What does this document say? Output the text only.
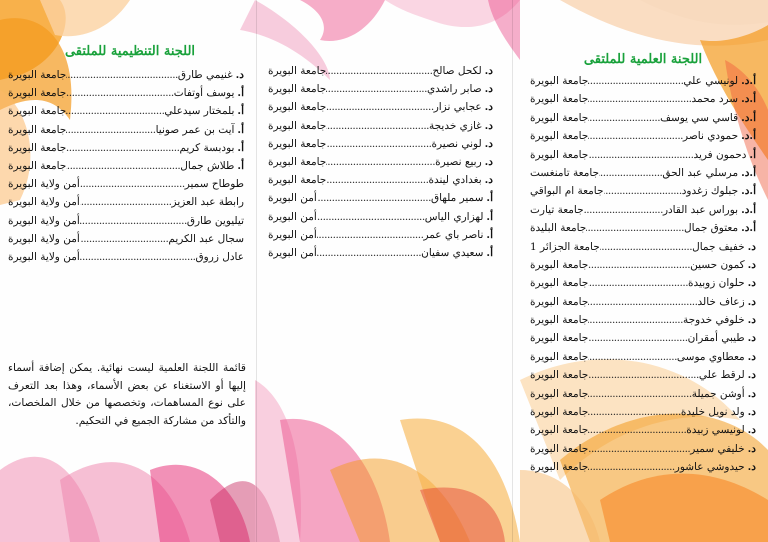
اللجنة التنظيمية للملتقى
د.
غنيمي طارق
.....
جامعة البويرة
أ.
يوسف أوتفات
.....
جامعة البويرة
أ.
بلمختار سيدعلي
.....
جامعة البويرة
أ.
آيت بن عمر صونيا
.....
جامعة البويرة
أ.
بودبسة كريم
.....
جامعة البويرة
أ.
طلاش جمال
.....
جامعة البويرة
طوطاح سمير
.....
أمن ولاية البويرة
رابطة عبد العزيز
.....
أمن ولاية البويرة
تيليوين طارق
.....
أمن ولاية البويرة
سجال عبد الكريم
.....
أمن ولاية البويرة
عادل زروق
.....
أمن ولاية البويرة
قائمة اللجنة العلمية ليست نهائية. يمكن إضافة أسماء إليها أو الاستغناء عن بعض الأسماء، وهذا بعد التعرف على نوع المساهمات، وتخصصها من خلال الملخصات، والتأكد من مشاركة الجميع في التحكيم.
د.
لكحل صالح
.....
جامعة البويرة
د.
صابر راشدي
.....
جامعة البويرة
د.
عجابي نزار
.....
جامعة البويرة
د.
غازي خديجة
.....
جامعة البويرة
د.
لوني نصيرة
.....
جامعة البويرة
د.
ربيع نصيرة
.....
جامعة البويرة
د.
بغدادي ليندة
.....
جامعة البويرة
أ.
سمير ملهاق
.....
أمن البويرة
أ.
لهزاري الياس
.....
أمن البويرة
أ.
ناصر باي عمر
.....
أمن البويرة
أ.
سعيدي سفيان
.....
أمن البويرة
اللجنة العلمية للملتقى
أ.د.
لونيسي علي
.....
جامعة البويرة
أ.د.
سرد محمد
.....
جامعة البويرة
أ.د.
قاسي سي يوسف
.....
جامعة البويرة
أ.د.
حمودي ناصر
.....
جامعة البويرة
أ.
دحمون فريد
.....
جامعة البويرة
أ.د.
مرسلي عبد الحق
.....
جامعة تامنغست
أ.د.
جبلوك زغدود
.....
جامعة ام البواقي
أ.د.
بوراس عبد القادر
.....
جامعة تيارت
أ.د.
معتوق جمال
.....
جامعة البليدة
د.
خفيف جمال
.....
جامعة الجزائر 1
د.
كمون حسين
.....
جامعة البويرة
د.
حلوان زوبيدة
.....
جامعة البويرة
د.
زعاف خالد
.....
جامعة البويرة
د.
خلوفي خدوجة
.....
جامعة البويرة
د.
طيبي أمقران
.....
جامعة البويرة
د.
معطاوي موسى
.....
جامعة البويرة
د.
لرقط علي
.....
جامعة البويرة
د.
أوشن جميلة
.....
جامعة البويرة
د.
ولد نويل خليدة
.....
جامعة البويرة
د.
لونيسي زبيدة
.....
جامعة البويرة
د.
خليفي سمير
.....
جامعة البويرة
د.
حيدوشي عاشور
.....
جامعة البويرة
